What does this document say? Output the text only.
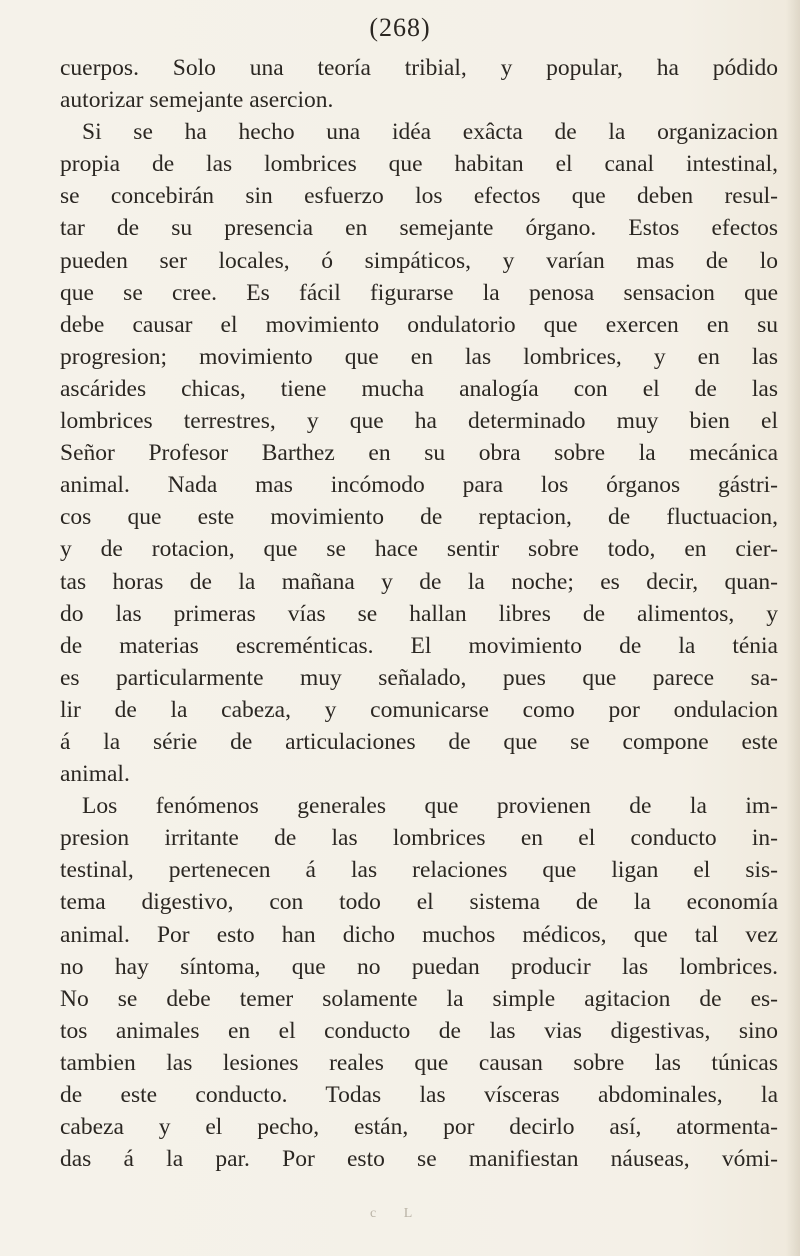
(268)
cuerpos. Solo una teoría tribial, y popular, ha pódido
autorizar semejante asercion.
Si se ha hecho una idéa exâcta de la organizacion
propia de las lombrices que habitan el canal intestinal,
se concebirán sin esfuerzo los efectos que deben resul-
tar de su presencia en semejante órgano. Estos efectos
pueden ser locales, ó simpáticos, y varían mas de lo
que se cree. Es fácil figurarse la penosa sensacion que
debe causar el movimiento ondulatorio que exercen en su
progresion; movimiento que en las lombrices, y en las
ascárides chicas, tiene mucha analogía con el de las
lombrices terrestres, y que ha determinado muy bien el
Señor Profesor Barthez en su obra sobre la mecánica
animal. Nada mas incómodo para los órganos gástri-
cos que este movimiento de reptacion, de fluctuacion,
y de rotacion, que se hace sentir sobre todo, en cier-
tas horas de la mañana y de la noche; es decir, quan-
do las primeras vías se hallan libres de alimentos, y
de materias escreménticas. El movimiento de la ténia
es particularmente muy señalado, pues que parece sa-
lir de la cabeza, y comunicarse como por ondulacion
á la série de articulaciones de que se compone este
animal.
Los fenómenos generales que provienen de la im-
presion irritante de las lombrices en el conducto in-
testinal, pertenecen á las relaciones que ligan el sis-
tema digestivo, con todo el sistema de la economía
animal. Por esto han dicho muchos médicos, que tal vez
no hay síntoma, que no puedan producir las lombrices.
No se debe temer solamente la simple agitacion de es-
tos animales en el conducto de las vias digestivas, sino
tambien las lesiones reales que causan sobre las túnicas
de este conducto. Todas las vísceras abdominales, la
cabeza y el pecho, están, por decirlo así, atormenta-
das á la par. Por esto se manifiestan náuseas, vómi-
c L
